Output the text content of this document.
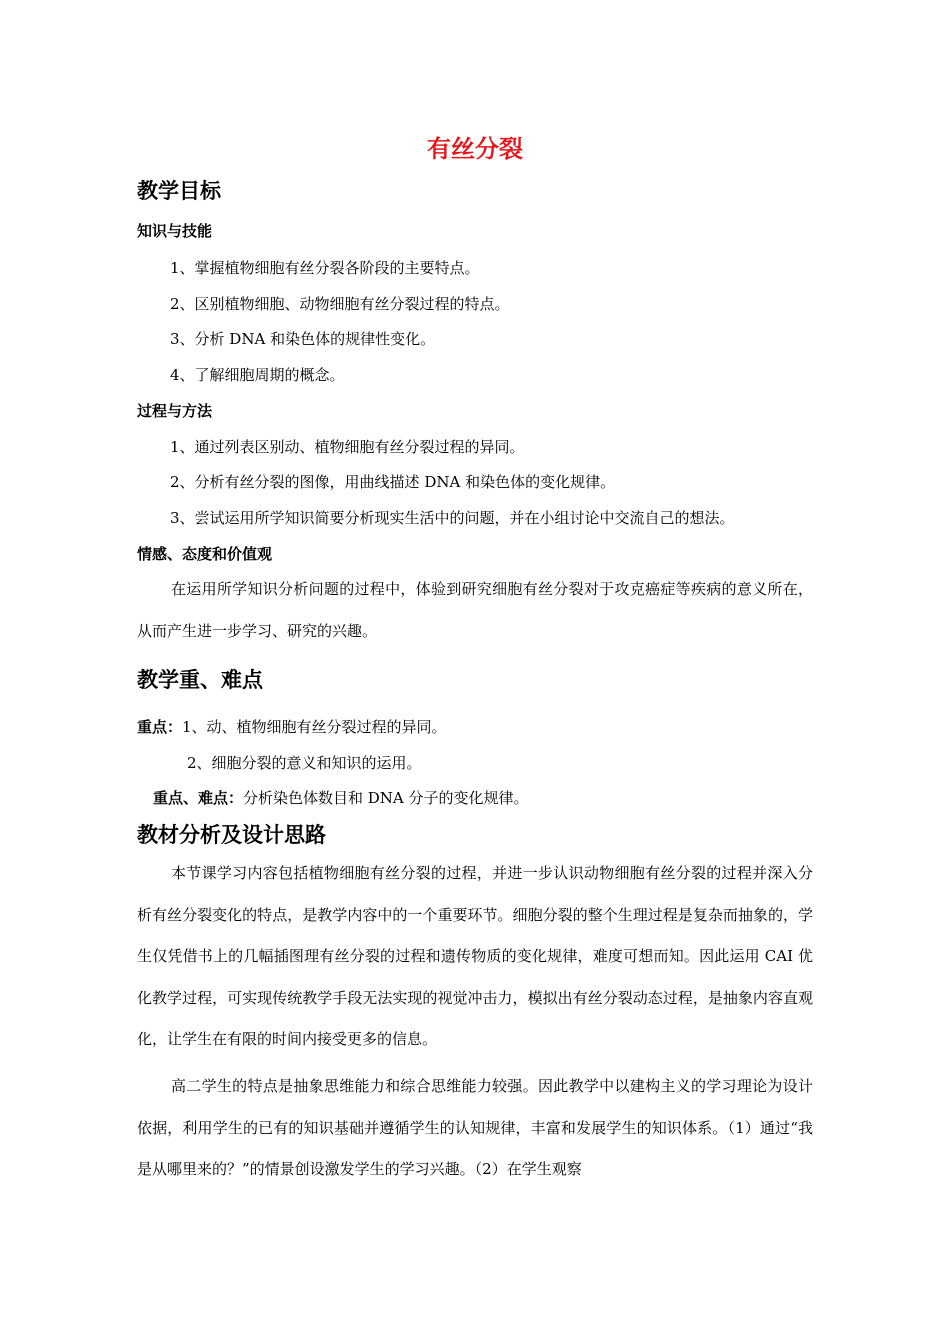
有丝分裂
教学目标
知识与技能
1、掌握植物细胞有丝分裂各阶段的主要特点。
2、区别植物细胞、动物细胞有丝分裂过程的特点。
3、分析 DNA 和染色体的规律性变化。
4、了解细胞周期的概念。
过程与方法
1、通过列表区别动、植物细胞有丝分裂过程的异同。
2、分析有丝分裂的图像，用曲线描述 DNA 和染色体的变化规律。
3、尝试运用所学知识简要分析现实生活中的问题，并在小组讨论中交流自己的想法。
情感、态度和价值观
在运用所学知识分析问题的过程中，体验到研究细胞有丝分裂对于攻克癌症等疾病的意义所在，从而产生进一步学习、研究的兴趣。
教学重、难点
重点：1、动、植物细胞有丝分裂过程的异同。
2、细胞分裂的意义和知识的运用。
重点、难点：分析染色体数目和 DNA 分子的变化规律。
教材分析及设计思路
本节课学习内容包括植物细胞有丝分裂的过程，并进一步认识动物细胞有丝分裂的过程并深入分析有丝分裂变化的特点，是教学内容中的一个重要环节。细胞分裂的整个生理过程是复杂而抽象的，学生仅凭借书上的几幅插图理有丝分裂的过程和遗传物质的变化规律，难度可想而知。因此运用 CAI 优化教学过程，可实现传统教学手段无法实现的视觉冲击力，模拟出有丝分裂动态过程，是抽象内容直观化，让学生在有限的时间内接受更多的信息。
高二学生的特点是抽象思维能力和综合思维能力较强。因此教学中以建构主义的学习理论为设计依据，利用学生的已有的知识基础并遵循学生的认知规律，丰富和发展学生的知识体系。（1）通过“我是从哪里来的？”的情景创设激发学生的学习兴趣。（2）在学生观察
